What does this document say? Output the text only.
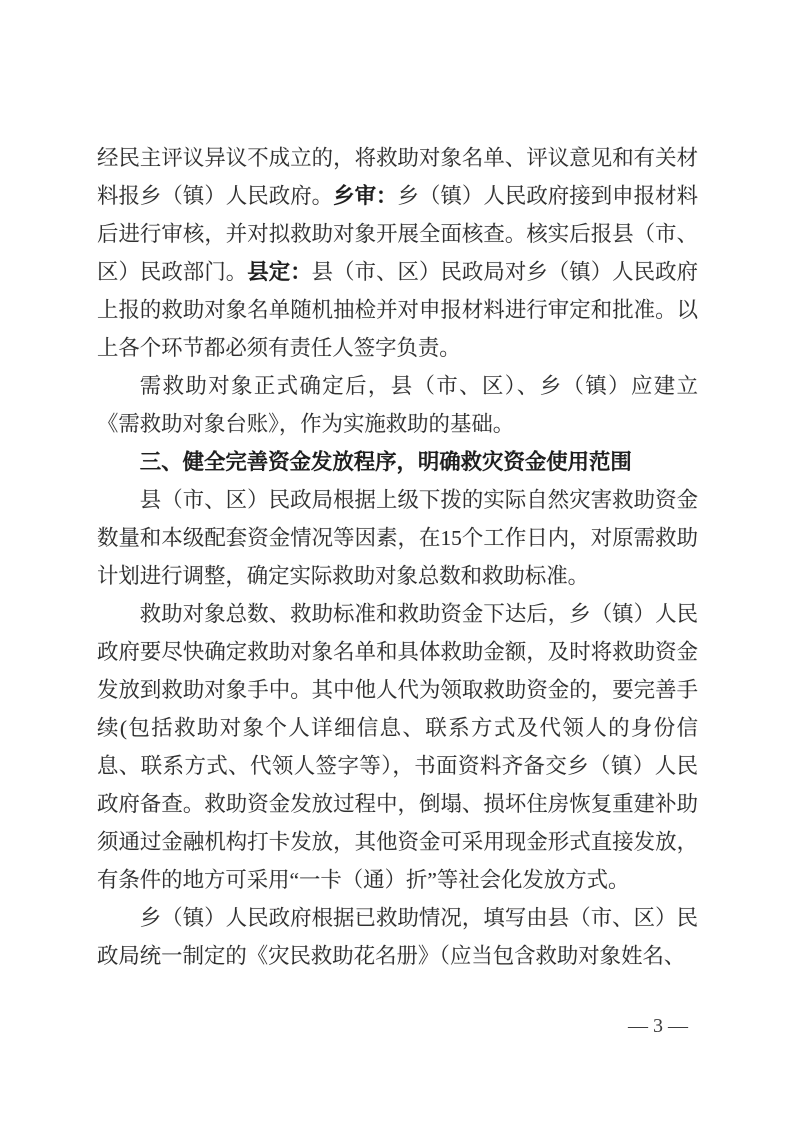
经民主评议异议不成立的，将救助对象名单、评议意见和有关材料报乡（镇）人民政府。乡审：乡（镇）人民政府接到申报材料后进行审核，并对拟救助对象开展全面核查。核实后报县（市、区）民政部门。县定：县（市、区）民政局对乡（镇）人民政府上报的救助对象名单随机抽检并对申报材料进行审定和批准。以上各个环节都必须有责任人签字负责。

需救助对象正式确定后，县（市、区）、乡（镇）应建立《需救助对象台账》，作为实施救助的基础。

三、健全完善资金发放程序，明确救灾资金使用范围

县（市、区）民政局根据上级下拨的实际自然灾害救助资金数量和本级配套资金情况等因素，在15个工作日内，对原需救助计划进行调整，确定实际救助对象总数和救助标准。

救助对象总数、救助标准和救助资金下达后，乡（镇）人民政府要尽快确定救助对象名单和具体救助金额，及时将救助资金发放到救助对象手中。其中他人代为领取救助资金的，要完善手续(包括救助对象个人详细信息、联系方式及代领人的身份信息、联系方式、代领人签字等），书面资料齐备交乡（镇）人民政府备查。救助资金发放过程中，倒塌、损坏住房恢复重建补助须通过金融机构打卡发放，其他资金可采用现金形式直接发放，有条件的地方可采用“一卡（通）折”等社会化发放方式。

乡（镇）人民政府根据已救助情况，填写由县（市、区）民政局统一制定的《灾民救助花名册》（应当包含救助对象姓名、

— 3 —
